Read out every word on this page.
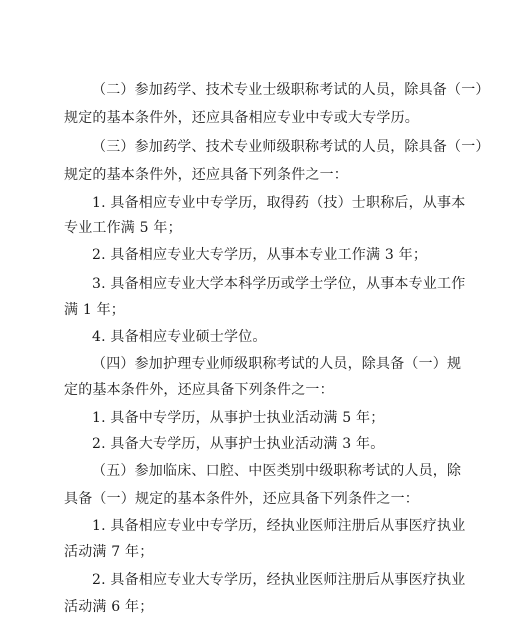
（二）参加药学、技术专业士级职称考试的人员，除具备（一）
规定的基本条件外，还应具备相应专业中专或大专学历。
（三）参加药学、技术专业师级职称考试的人员，除具备（一）
规定的基本条件外，还应具备下列条件之一：
1. 具备相应专业中专学历，取得药（技）士职称后，从事本
专业工作满 5 年；
2. 具备相应专业大专学历，从事本专业工作满 3 年；
3. 具备相应专业大学本科学历或学士学位，从事本专业工作
满 1 年；
4. 具备相应专业硕士学位。
（四）参加护理专业师级职称考试的人员，除具备（一）规
定的基本条件外，还应具备下列条件之一：
1. 具备中专学历，从事护士执业活动满 5 年；
2. 具备大专学历，从事护士执业活动满 3 年。
（五）参加临床、口腔、中医类别中级职称考试的人员，除
具备（一）规定的基本条件外，还应具备下列条件之一：
1. 具备相应专业中专学历，经执业医师注册后从事医疗执业
活动满 7 年；
2. 具备相应专业大专学历，经执业医师注册后从事医疗执业
活动满 6 年；
